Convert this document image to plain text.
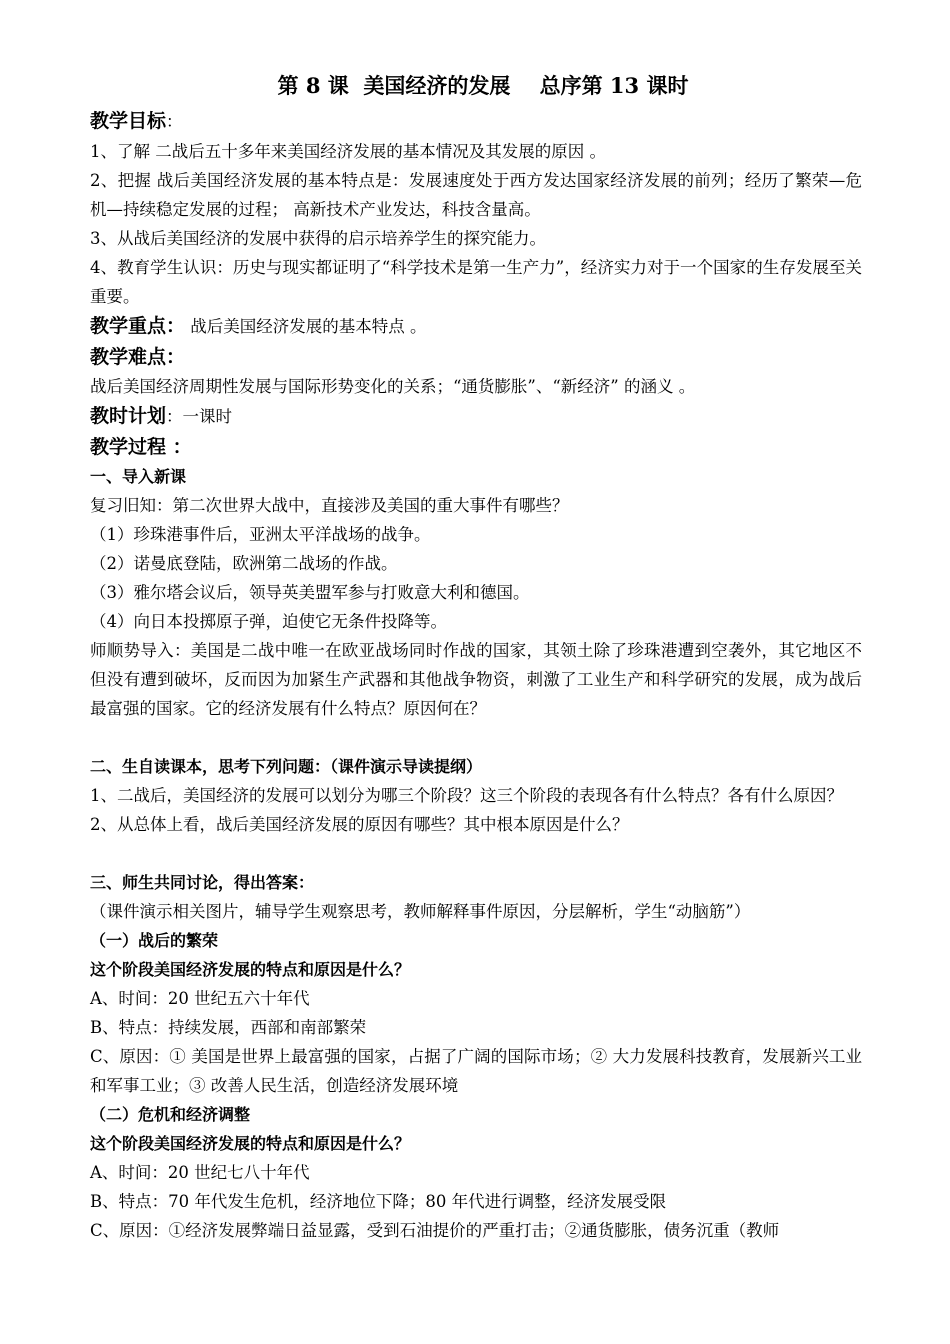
第 8 课  美国经济的发展    总序第 13 课时
教学目标：

1、了解 二战后五十多年来美国经济发展的基本情况及其发展的原因 。

2、把握 战后美国经济发展的基本特点是：发展速度处于西方发达国家经济发展的前列；经历了繁荣—危机—持续稳定发展的过程； 高新技术产业发达，科技含量高。

3、从战后美国经济的发展中获得的启示培养学生的探究能力。

4、教育学生认识：历史与现实都证明了“科学技术是第一生产力”，经济实力对于一个国家的生存发展至关重要。

教学重点： 战后美国经济发展的基本特点 。
教学难点：

战后美国经济周期性发展与国际形势变化的关系；“通货膨胀”、“新经济” 的涵义 。

教时计划：一课时
教学过程 ：
一、导入新课

复习旧知：第二次世界大战中，直接涉及美国的重大事件有哪些？

（1）珍珠港事件后，亚洲太平洋战场的战争。

（2）诺曼底登陆，欧洲第二战场的作战。

（3）雅尔塔会议后，领导英美盟军参与打败意大利和德国。

（4）向日本投掷原子弹，迫使它无条件投降等。

师顺势导入：美国是二战中唯一在欧亚战场同时作战的国家，其领土除了珍珠港遭到空袭外，其它地区不但没有遭到破坏，反而因为加紧生产武器和其他战争物资，刺激了工业生产和科学研究的发展，成为战后最富强的国家。它的经济发展有什么特点？原因何在？

二、生自读课本，思考下列问题：（课件演示导读提纲）

1、二战后，美国经济的发展可以划分为哪三个阶段？这三个阶段的表现各有什么特点？各有什么原因？

2、从总体上看，战后美国经济发展的原因有哪些？其中根本原因是什么？

三、师生共同讨论，得出答案：

（课件演示相关图片，辅导学生观察思考，教师解释事件原因，分层解析，学生“动脑筋”）

（一）战后的繁荣
这个阶段美国经济发展的特点和原因是什么？

A、时间：20 世纪五六十年代

B、特点：持续发展，西部和南部繁荣

C、原因：① 美国是世界上最富强的国家，占据了广阔的国际市场；② 大力发展科技教育，发展新兴工业和军事工业；③ 改善人民生活，创造经济发展环境

（二）危机和经济调整
这个阶段美国经济发展的特点和原因是什么？

A、时间：20 世纪七八十年代

B、特点：70 年代发生危机，经济地位下降；80 年代进行调整，经济发展受限

C、原因：①经济发展弊端日益显露，受到石油提价的严重打击；②通货膨胀，债务沉重（教师
